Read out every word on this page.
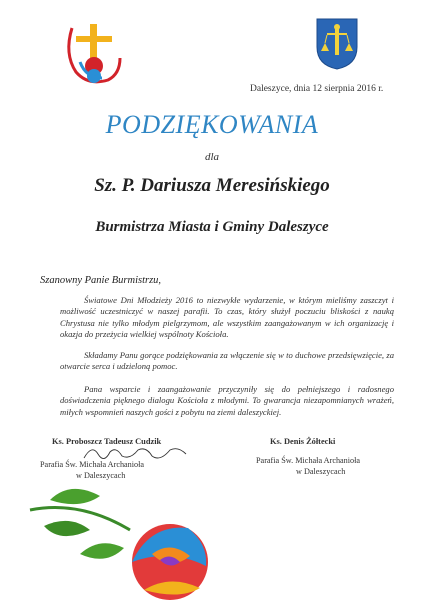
Daleszyce, dnia 12 sierpnia 2016 r.
PODZIĘKOWANIA
dla
Sz. P. Dariusza Meresińskiego
Burmistrza Miasta i Gminy Daleszyce
Szanowny Panie Burmistrzu,
Światowe Dni Młodzieży 2016 to niezwykłe wydarzenie, w którym mieliśmy zaszczyt i możliwość uczestniczyć w naszej parafii. To czas, który służył poczuciu bliskości z nauką Chrystusa nie tylko młodym pielgrzymom, ale wszystkim zaangażowanym w ich organizację i okazja do przeżycia wielkiej wspólnoty Kościoła.
Składamy Panu gorące podziękowania za włączenie się w to duchowe przedsięwzięcie, za otwarcie serca i udzieloną pomoc.
Pana wsparcie i zaangażowanie przyczyniły się do pełniejszego i radosnego doświadczenia pięknego dialogu Kościoła z młodymi. To gwarancja niezapomnianych wrażeń, miłych wspomnień naszych gości z pobytu na ziemi daleszyckiej.
Ks. Proboszcz Tadeusz Cudzik
Parafia Św. Michała Archanioła
w Daleszycach
Ks. Denis Żółtecki
Parafia Św. Michała Archanioła
w Daleszycach
